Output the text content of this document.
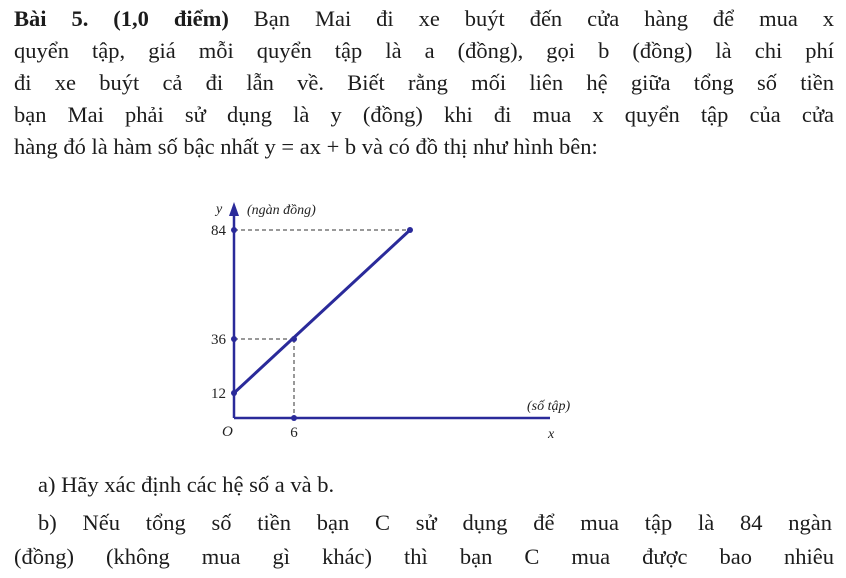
Bài 5. (1,0 điểm) Bạn Mai đi xe buýt đến cửa hàng để mua x
quyển tập, giá mỗi quyển tập là a (đồng), gọi b (đồng) là chi phí
đi xe buýt cả đi lẫn về. Biết rằng mối liên hệ giữa tổng số tiền
bạn Mai phải sử dụng là y (đồng) khi đi mua x quyển tập của cửa
hàng đó là hàm số bậc nhất y = ax + b và có đồ thị như hình bên:
y (ngàn đồng)
84
36
12
O	6
(số tập)
x
a) Hãy xác định các hệ số a và b.
b) Nếu tổng số tiền bạn C sử dụng để mua tập là 84 ngàn
(đồng) (không mua gì khác) thì bạn C mua được bao nhiêu
